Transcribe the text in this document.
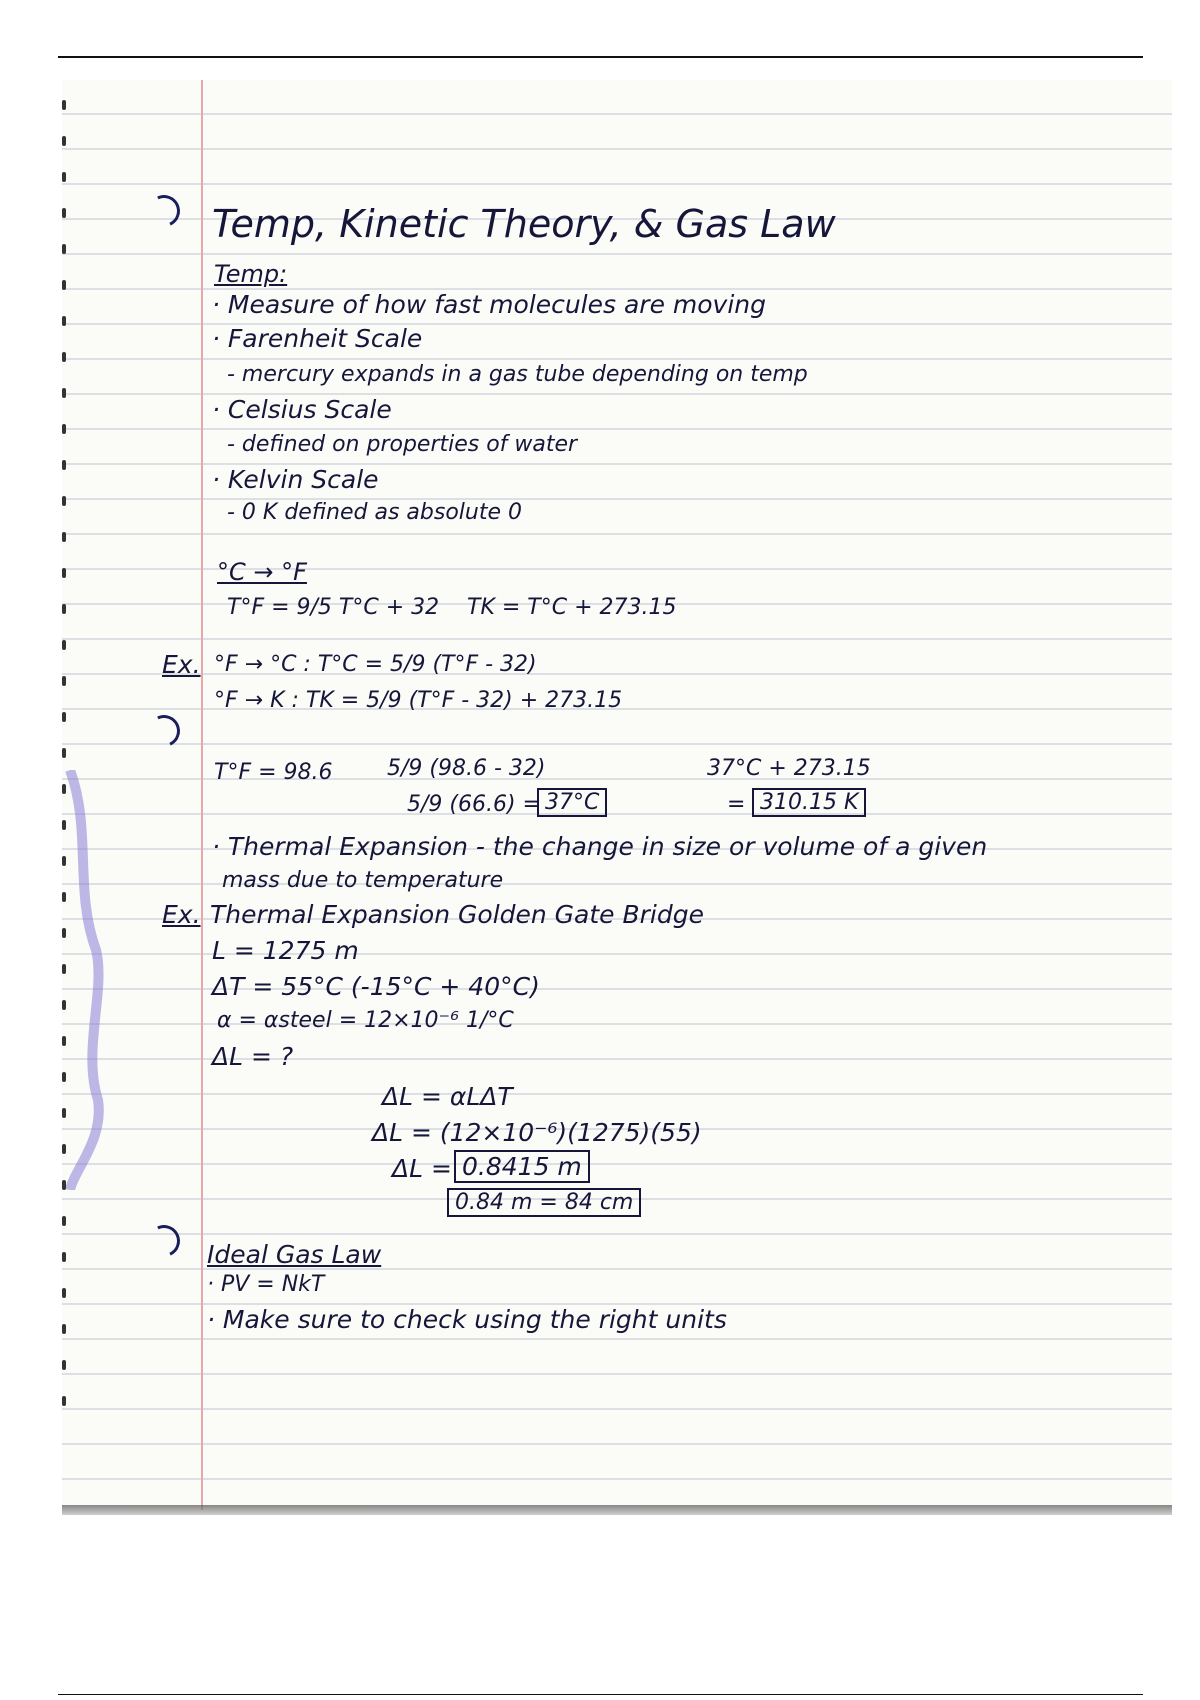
Temp, Kinetic Theory, & Gas Law
Temp:
· Measure of how fast molecules are moving
· Farenheit Scale
- mercury expands in a gas tube depending on temp
· Celsius Scale
- defined on properties of water
· Kelvin Scale
- 0 K defined as absolute 0
°C → °F
T°F = 9/5 T°C + 32 TK = T°C + 273.15
Ex. °F → °C : T°C = 5/9 (T°F - 32)
°F → K : TK = 5/9 (T°F - 32) + 273.15
T°F = 98.6 5/9 (98.6 - 32)
5/9 (66.6) = 37°C
37°C + 273.15
= 310.15 K
· Thermal Expansion - the change in size or volume of a given
mass due to temperature
Ex. Thermal Expansion Golden Gate Bridge
L = 1275 m
ΔT = 55°C (-15°C + 40°C)
α = αsteel = 12×10⁻⁶ 1/°C
ΔL = ?
ΔL = αLΔT
ΔL = (12×10⁻⁶)(1275)(55)
ΔL = 0.8415 m
0.84 m = 84 cm
Ideal Gas Law
· PV = NkT
· Make sure to check using the right units
